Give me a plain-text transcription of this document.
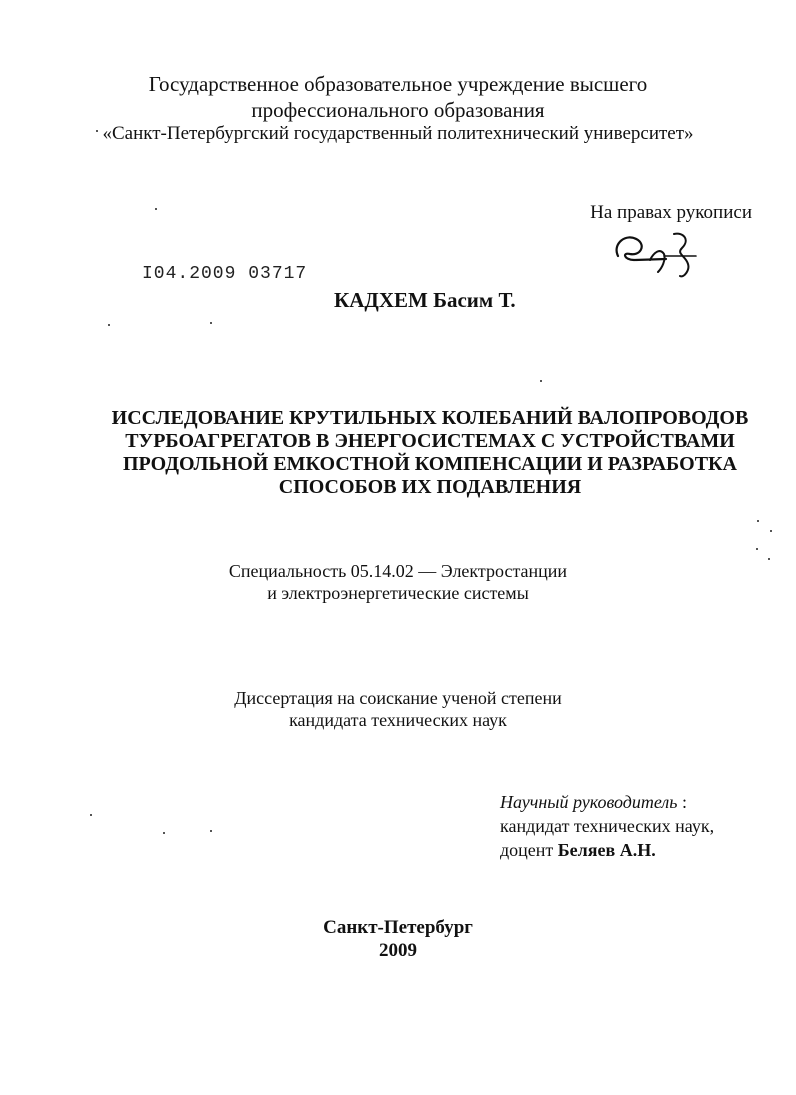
Государственное образовательное учреждение высшего
профессионального образования
«Санкт-Петербургский государственный политехнический университет»
На правах рукописи
I04.2009 03717
КАДХЕМ Басим Т.
ИССЛЕДОВАНИЕ КРУТИЛЬНЫХ КОЛЕБАНИЙ ВАЛОПРОВОДОВ
ТУРБОАГРЕГАТОВ В ЭНЕРГОСИСТЕМАХ С УСТРОЙСТВАМИ
ПРОДОЛЬНОЙ ЕМКОСТНОЙ КОМПЕНСАЦИИ И РАЗРАБОТКА
СПОСОБОВ ИХ ПОДАВЛЕНИЯ
Специальность 05.14.02 — Электростанции
и электроэнергетические системы
Диссертация на соискание ученой степени
кандидата технических наук
Научный руководитель :
кандидат технических наук,
доцент Беляев А.Н.
Санкт-Петербург
2009
